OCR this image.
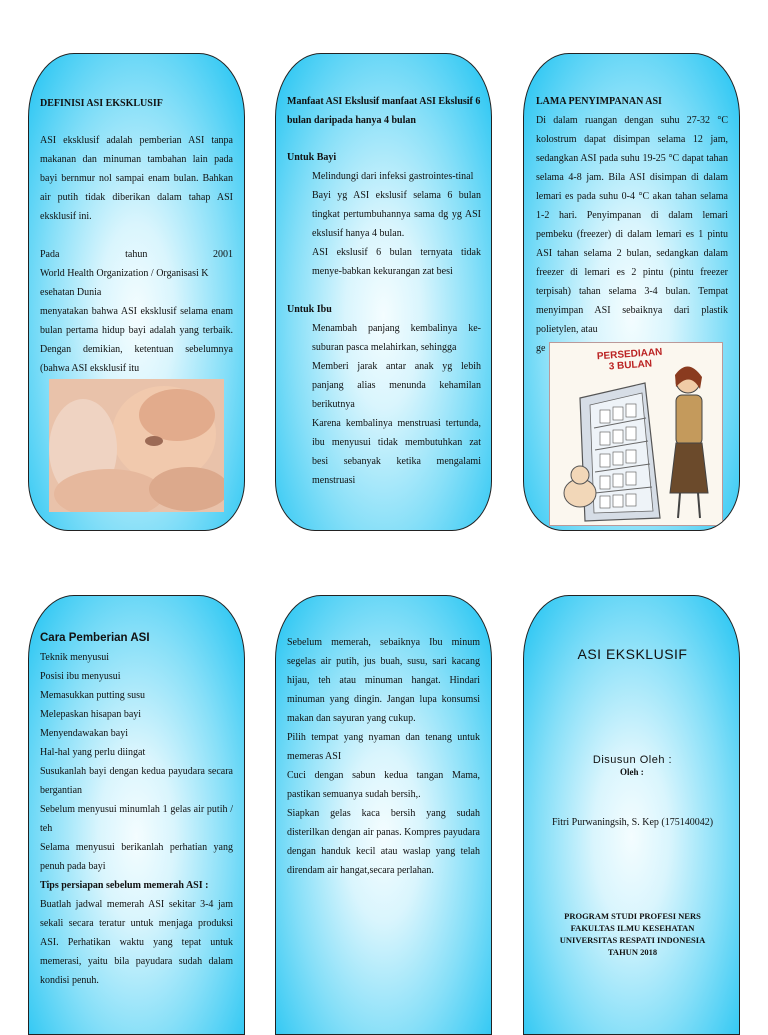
DEFINISI ASI EKSKLUSIF
ASI eksklusif adalah pemberian ASI tanpa makanan dan minuman tambahan lain pada bayi bernmur nol sampai enam bulan. Bahkan air putih tidak diberikan dalam tahap ASI eksklusif ini.
Pada tahun 2001
World Health Organization / Organisasi K esehatan Dunia
menyatakan bahwa ASI eksklusif selama enam bulan pertama hidup bayi adalah yang terbaik. Dengan demikian, ketentuan sebelumnya (bahwa ASI eksklusif itu
Manfaat ASI Ekslusif manfaat ASI Ekslusif 6 bulan daripada hanya 4 bulan
Untuk Bayi
Melindungi dari infeksi gastrointes-tinal
Bayi yg ASI ekslusif selama 6 bulan tingkat pertumbuhannya sama dg yg ASI ekslusif hanya 4 bulan.
ASI ekslusif 6 bulan ternyata tidak menye-babkan kekurangan zat besi
Untuk Ibu
Menambah panjang kembalinya ke-suburan pasca melahirkan, sehingga
Memberi jarak antar anak yg lebih panjang alias menunda kehamilan berikutnya
Karena kembalinya menstruasi tertunda, ibu menyusui tidak membutuhkan zat besi sebanyak ketika mengalami menstruasi
LAMA PENYIMPANAN ASI
Di dalam ruangan dengan suhu 27-32 °C kolostrum dapat disimpan selama 12 jam, sedangkan ASI pada suhu 19-25 °C dapat tahan selama 4-8 jam. Bila ASI disimpan di dalam lemari es pada suhu 0-4 °C akan tahan selama 1-2 hari. Penyimpanan di dalam lemari pembeku (freezer) di dalam lemari es 1 pintu ASI tahan selama 2 bulan, sedangkan dalam freezer di lemari es 2 pintu (pintu freezer terpisah) tahan selama 3-4 bulan. Tempat menyimpan ASI sebaiknya dari plastik polietylen, atau
ge	PERSEDIAAN
3 BULAN
Cara Pemberian ASI
Teknik menyusui
Posisi ibu menyusui
Memasukkan putting susu
Melepaskan hisapan bayi
Menyendawakan bayi
Hal-hal yang perlu diingat
Susukanlah bayi dengan kedua payudara secara bergantian
Sebelum menyusui minumlah 1 gelas air putih / teh
Selama menyusui berikanlah perhatian yang penuh pada bayi
Tips persiapan sebelum memerah ASI :
Buatlah jadwal memerah ASI sekitar 3-4 jam sekali secara teratur untuk menjaga produksi ASI. Perhatikan waktu yang tepat untuk memerasi, yaitu bila payudara sudah dalam kondisi penuh.
Sebelum memerah, sebaiknya Ibu minum segelas air putih, jus buah, susu, sari kacang hijau, teh atau minuman hangat. Hindari minuman yang dingin. Jangan lupa konsumsi makan dan sayuran yang cukup.
Pilih tempat yang nyaman dan tenang untuk memeras ASI
Cuci dengan sabun kedua tangan Mama, pastikan semuanya sudah bersih,.
Siapkan gelas kaca bersih yang sudah disterilkan dengan air panas. Kompres payudara dengan handuk kecil atau waslap yang telah direndam air hangat,secara perlahan.
ASI EKSKLUSIF
Disusun Oleh :
Oleh :
Fitri Purwaningsih, S. Kep (175140042)
PROGRAM STUDI PROFESI NERS
FAKULTAS ILMU KESEHATAN
UNIVERSITAS RESPATI INDONESIA
TAHUN 2018
